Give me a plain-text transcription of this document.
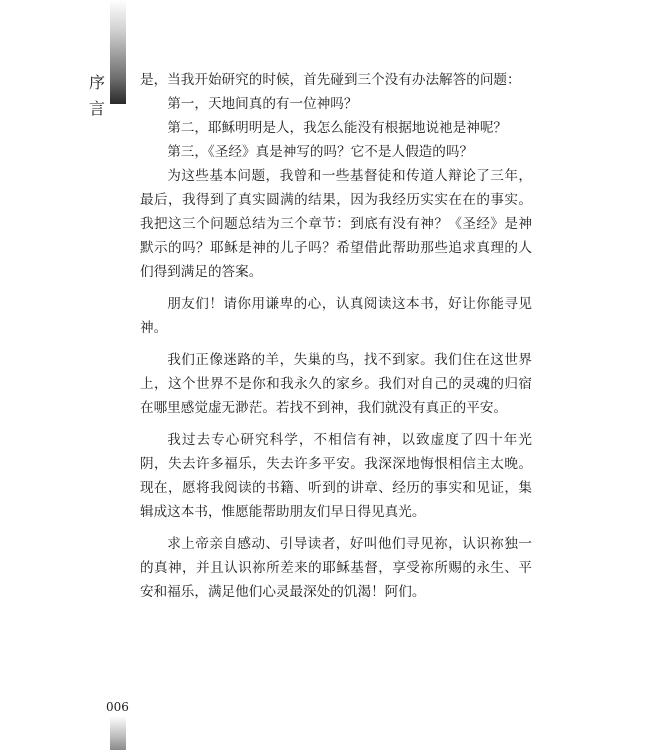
序
言

是，当我开始研究的时候，首先碰到三个没有办法解答的问题：

第一，天地间真的有一位神吗？

第二，耶稣明明是人，我怎么能没有根据地说祂是神呢？

第三，《圣经》真是神写的吗？它不是人假造的吗？

为这些基本问题，我曾和一些基督徒和传道人辩论了三年，最后，我得到了真实圆满的结果，因为我经历实实在在的事实。我把这三个问题总结为三个章节：到底有没有神？《圣经》是神默示的吗？耶稣是神的儿子吗？希望借此帮助那些追求真理的人们得到满足的答案。

朋友们！请你用谦卑的心，认真阅读这本书，好让你能寻见神。

我们正像迷路的羊，失巢的鸟，找不到家。我们住在这世界上，这个世界不是你和我永久的家乡。我们对自己的灵魂的归宿在哪里感觉虚无渺茫。若找不到神，我们就没有真正的平安。

我过去专心研究科学，不相信有神，以致虚度了四十年光阴，失去许多福乐，失去许多平安。我深深地悔恨相信主太晚。现在，愿将我阅读的书籍、听到的讲章、经历的事实和见证，集辑成这本书，惟愿能帮助朋友们早日得见真光。

求上帝亲自感动、引导读者，好叫他们寻见祢，认识祢独一的真神，并且认识祢所差来的耶稣基督，享受祢所赐的永生、平安和福乐，满足他们心灵最深处的饥渴！阿们。

006
